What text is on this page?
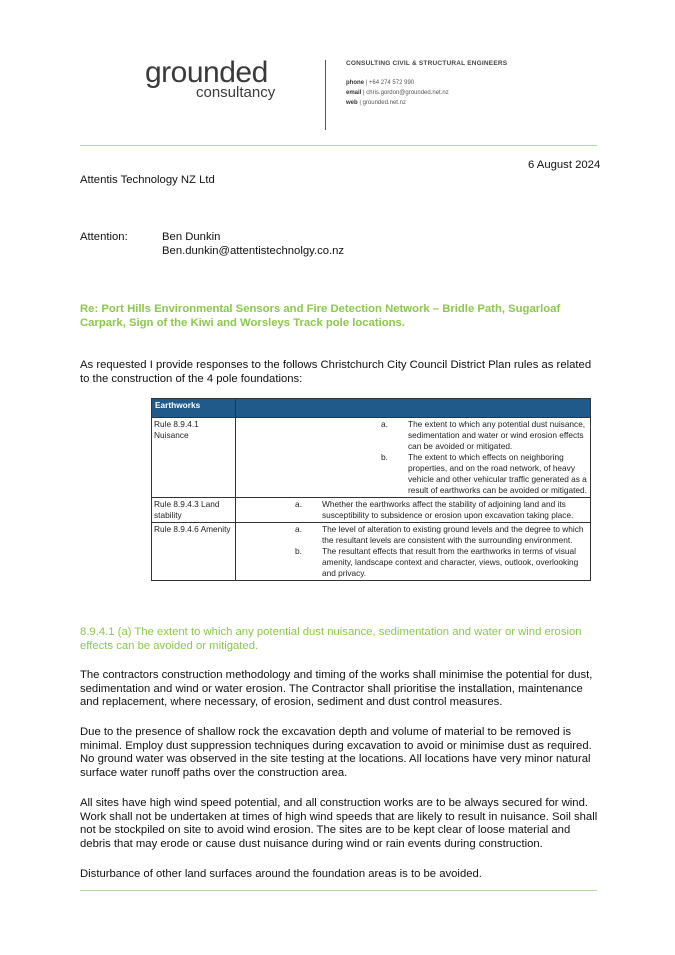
grounded
consultancy
CONSULTING CIVIL & STRUCTURAL ENGINEERS
phone | +64 274 572 990
email | chris.gordon@grounded.net.nz
web | grounded.net.nz
6 August 2024
Attentis Technology NZ Ltd
Attention:	Ben Dunkin
Ben.dunkin@attentistechnolgy.co.nz
Re: Port Hills Environmental Sensors and Fire Detection Network – Bridle Path, Sugarloaf Carpark, Sign of the Kiwi and Worsleys Track pole locations.
As requested I provide responses to the follows Christchurch City Council District Plan rules as related to the construction of the 4 pole foundations:
Earthworks	
Rule 8.9.4.1 Nuisance	a. The extent to which any potential dust nuisance, sedimentation and water or wind erosion effects can be avoided or mitigated.
b. The extent to which effects on neighboring properties, and on the road network, of heavy vehicle and other vehicular traffic generated as a result of earthworks can be avoided or mitigated.

Rule 8.9.4.3 Land stability	a. Whether the earthworks affect the stability of adjoining land and its susceptibility to subsidence or erosion upon excavation taking place.

Rule 8.9.4.6 Amenity	a. The level of alteration to existing ground levels and the degree to which the resultant levels are consistent with the surrounding environment.
b. The resultant effects that result from the earthworks in terms of visual amenity, landscape context and character, views, outlook, overlooking and privacy.
8.9.4.1 (a) The extent to which any potential dust nuisance, sedimentation and water or wind erosion effects can be avoided or mitigated.
The contractors construction methodology and timing of the works shall minimise the potential for dust, sedimentation and wind or water erosion. The Contractor shall prioritise the installation, maintenance and replacement, where necessary, of erosion, sediment and dust control measures.
Due to the presence of shallow rock the excavation depth and volume of material to be removed is minimal. Employ dust suppression techniques during excavation to avoid or minimise dust as required. No ground water was observed in the site testing at the locations. All locations have very minor natural surface water runoff paths over the construction area.
All sites have high wind speed potential, and all construction works are to be always secured for wind. Work shall not be undertaken at times of high wind speeds that are likely to result in nuisance. Soil shall not be stockpiled on site to avoid wind erosion. The sites are to be kept clear of loose material and debris that may erode or cause dust nuisance during wind or rain events during construction.
Disturbance of other land surfaces around the foundation areas is to be avoided.
